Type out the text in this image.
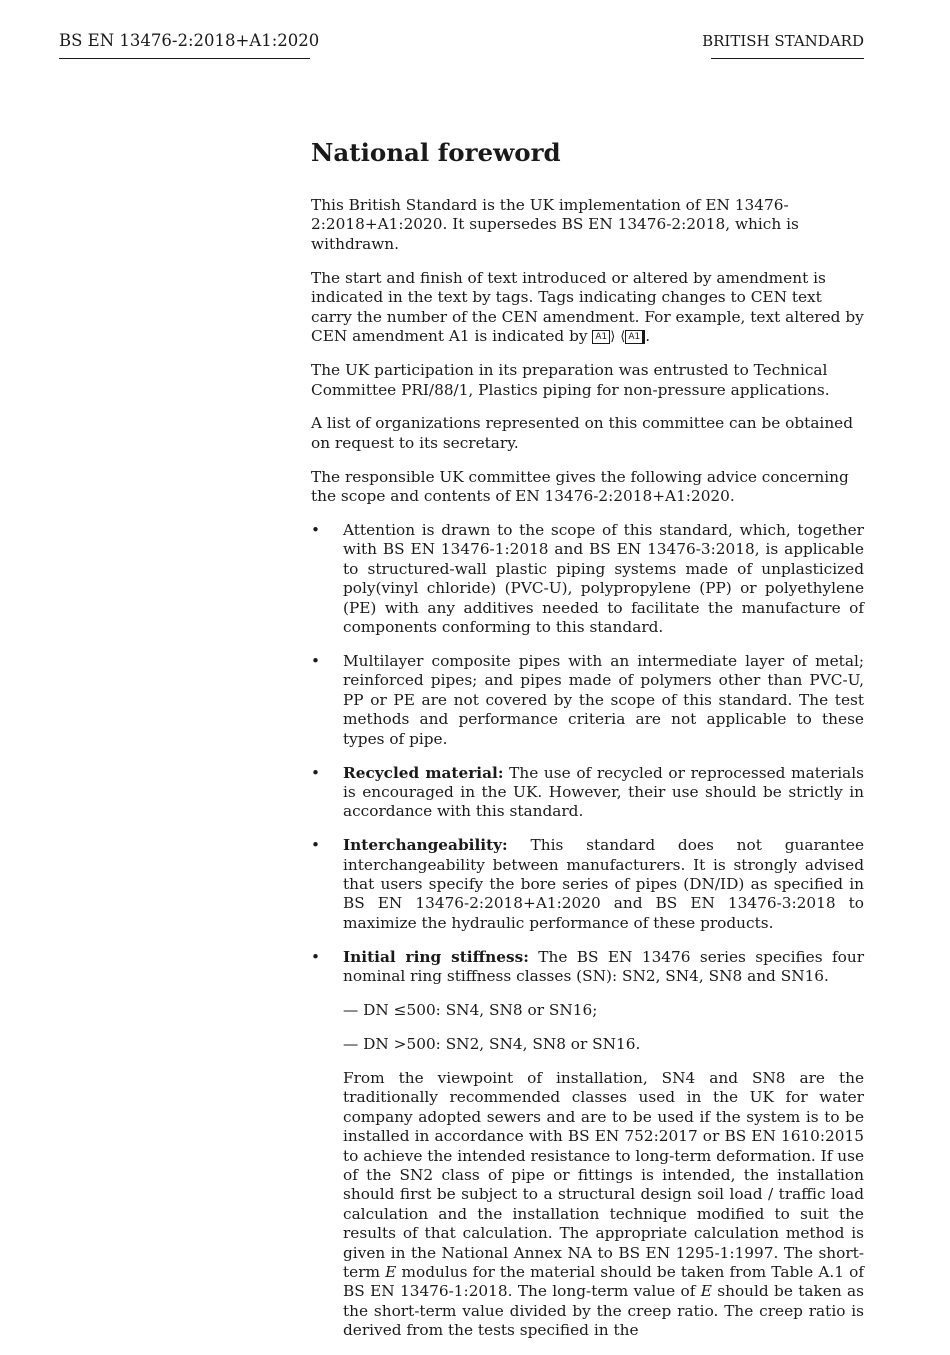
BS EN 13476-2:2018+A1:2020	BRITISH STANDARD
National foreword

This British Standard is the UK implementation of EN 13476-2:2018+A1:2020. It supersedes BS EN 13476-2:2018, which is withdrawn.

The start and finish of text introduced or altered by amendment is indicated in the text by tags. Tags indicating changes to CEN text carry the number of the CEN amendment. For example, text altered by CEN amendment A1 is indicated by A1 ⟩ ⟨ A1 .

The UK participation in its preparation was entrusted to Technical Committee PRI/88/1, Plastics piping for non-pressure applications.

A list of organizations represented on this committee can be obtained on request to its secretary.

The responsible UK committee gives the following advice concerning the scope and contents of EN 13476-2:2018+A1:2020.

• Attention is drawn to the scope of this standard, which, together with BS EN 13476-1:2018 and BS EN 13476-3:2018, is applicable to structured-wall plastic piping systems made of unplasticized poly(vinyl chloride) (PVC-U), polypropylene (PP) or polyethylene (PE) with any additives needed to facilitate the manufacture of components conforming to this standard.
• Multilayer composite pipes with an intermediate layer of metal; reinforced pipes; and pipes made of polymers other than PVC-U, PP or PE are not covered by the scope of this standard. The test methods and performance criteria are not applicable to these types of pipe.
• Recycled material: The use of recycled or reprocessed materials is encouraged in the UK. However, their use should be strictly in accordance with this standard.
• Interchangeability: This standard does not guarantee interchangeability between manufacturers. It is strongly advised that users specify the bore series of pipes (DN/ID) as specified in BS EN 13476-2:2018+A1:2020 and BS EN 13476-3:2018 to maximize the hydraulic performance of these products.
• Initial ring stiffness: The BS EN 13476 series specifies four nominal ring stiffness classes (SN): SN2, SN4, SN8 and SN16.

— DN ≤500: SN4, SN8 or SN16;

— DN >500: SN2, SN4, SN8 or SN16.

From the viewpoint of installation, SN4 and SN8 are the traditionally recommended classes used in the UK for water company adopted sewers and are to be used if the system is to be installed in accordance with BS EN 752:2017 or BS EN 1610:2015 to achieve the intended resistance to long-term deformation. If use of the SN2 class of pipe or fittings is intended, the installation should first be subject to a structural design soil load / traffic load calculation and the installation technique modified to suit the results of that calculation. The appropriate calculation method is given in the National Annex NA to BS EN 1295-1:1997. The short-term E modulus for the material should be taken from Table A.1 of BS EN 13476-1:2018. The long-term value of E should be taken as the short-term value divided by the creep ratio. The creep ratio is derived from the tests specified in the
